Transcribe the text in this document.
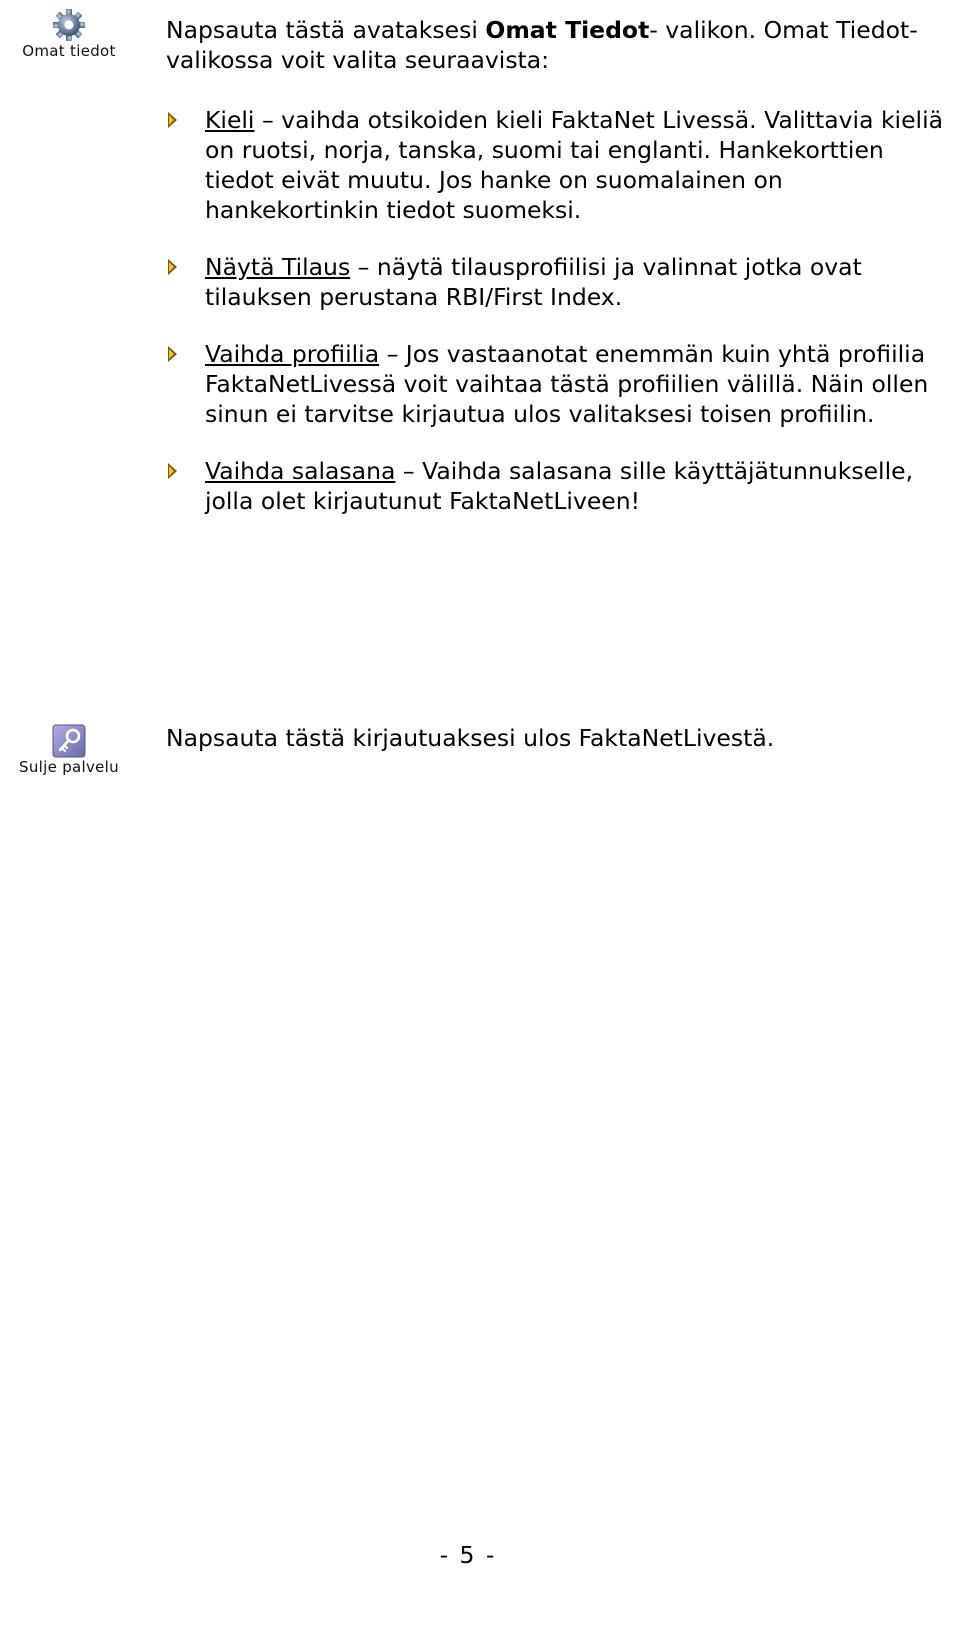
Omat tiedot

Napsauta tästä avataksesi Omat Tiedot- valikon. Omat Tiedot- valikossa voit valita seuraavista:

Kieli – vaihda otsikoiden kieli FaktaNet Livessä. Valittavia kieliä on ruotsi, norja, tanska, suomi tai englanti. Hankekorttien tiedot eivät muutu. Jos hanke on suomalainen on hankekortinkin tiedot suomeksi.
Näytä Tilaus – näytä tilausprofiilisi ja valinnat jotka ovat tilauksen perustana RBI/First Index.
Vaihda profiilia – Jos vastaanotat enemmän kuin yhtä profiilia FaktaNetLivessä voit vaihtaa tästä profiilien välillä. Näin ollen sinun ei tarvitse kirjautua ulos valitaksesi toisen profiilin.
Vaihda salasana – Vaihda salasana sille käyttäjätunnukselle, jolla olet kirjautunut FaktaNetLiveen!
Sulje palvelu

Napsauta tästä kirjautuaksesi ulos FaktaNetLivestä.

- 5 -
